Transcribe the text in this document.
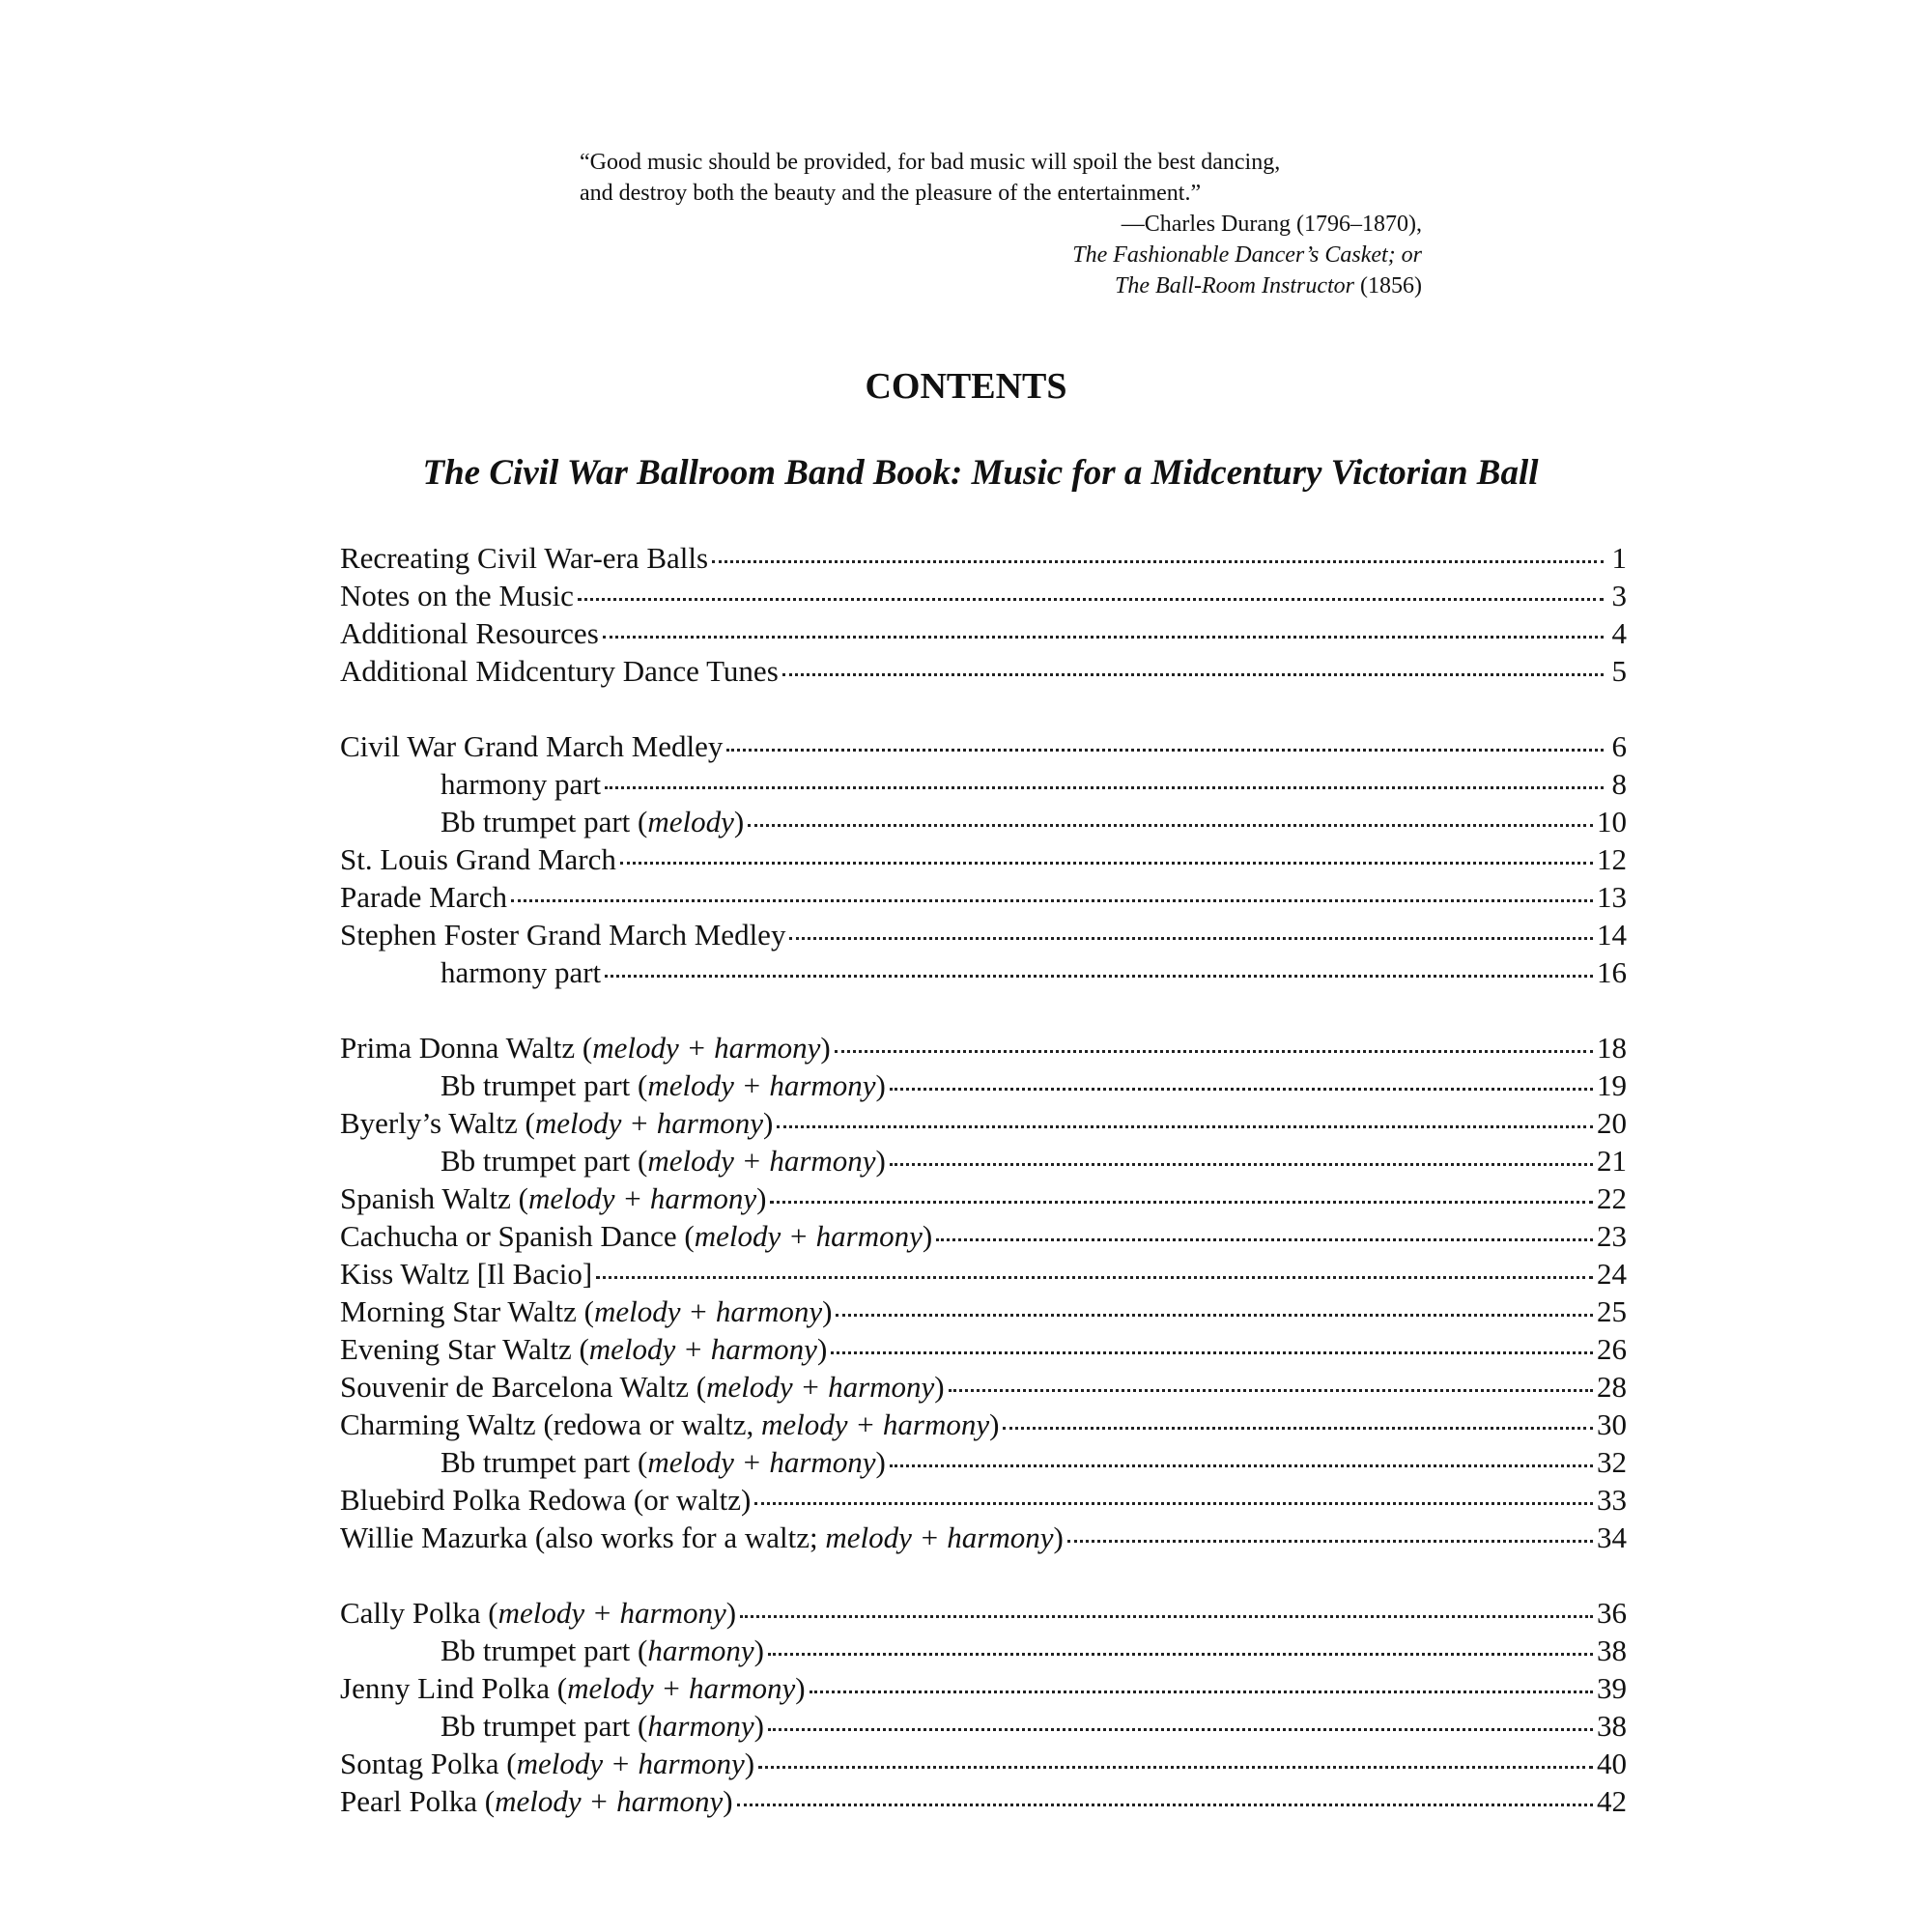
“Good music should be provided, for bad music will spoil the best dancing,
and destroy both the beauty and the pleasure of the entertainment.”
—Charles Durang (1796–1870),
The Fashionable Dancer’s Casket; or
The Ball-Room Instructor (1856)
CONTENTS
The Civil War Ballroom Band Book: Music for a Midcentury Victorian Ball
Recreating Civil War-era Balls	1
Notes on the Music	3
Additional Resources	4
Additional Midcentury Dance Tunes	5
Civil War Grand March Medley	6
harmony part	8
Bb trumpet part (melody)	10
St. Louis Grand March	12
Parade March	13
Stephen Foster Grand March Medley	14
harmony part	16
Prima Donna Waltz (melody + harmony)	18
Bb trumpet part (melody + harmony)	19
Byerly’s Waltz (melody + harmony)	20
Bb trumpet part (melody + harmony)	21
Spanish Waltz (melody + harmony)	22
Cachucha or Spanish Dance (melody + harmony)	23
Kiss Waltz [Il Bacio]	24
Morning Star Waltz (melody + harmony)	25
Evening Star Waltz (melody + harmony)	26
Souvenir de Barcelona Waltz (melody + harmony)	28
Charming Waltz (redowa or waltz, melody + harmony)	30
Bb trumpet part (melody + harmony)	32
Bluebird Polka Redowa (or waltz)	33
Willie Mazurka (also works for a waltz; melody + harmony)	34
Cally Polka (melody + harmony)	36
Bb trumpet part (harmony)	38
Jenny Lind Polka (melody + harmony)	39
Bb trumpet part (harmony)	38
Sontag Polka (melody + harmony)	40
Pearl Polka (melody + harmony)	42
